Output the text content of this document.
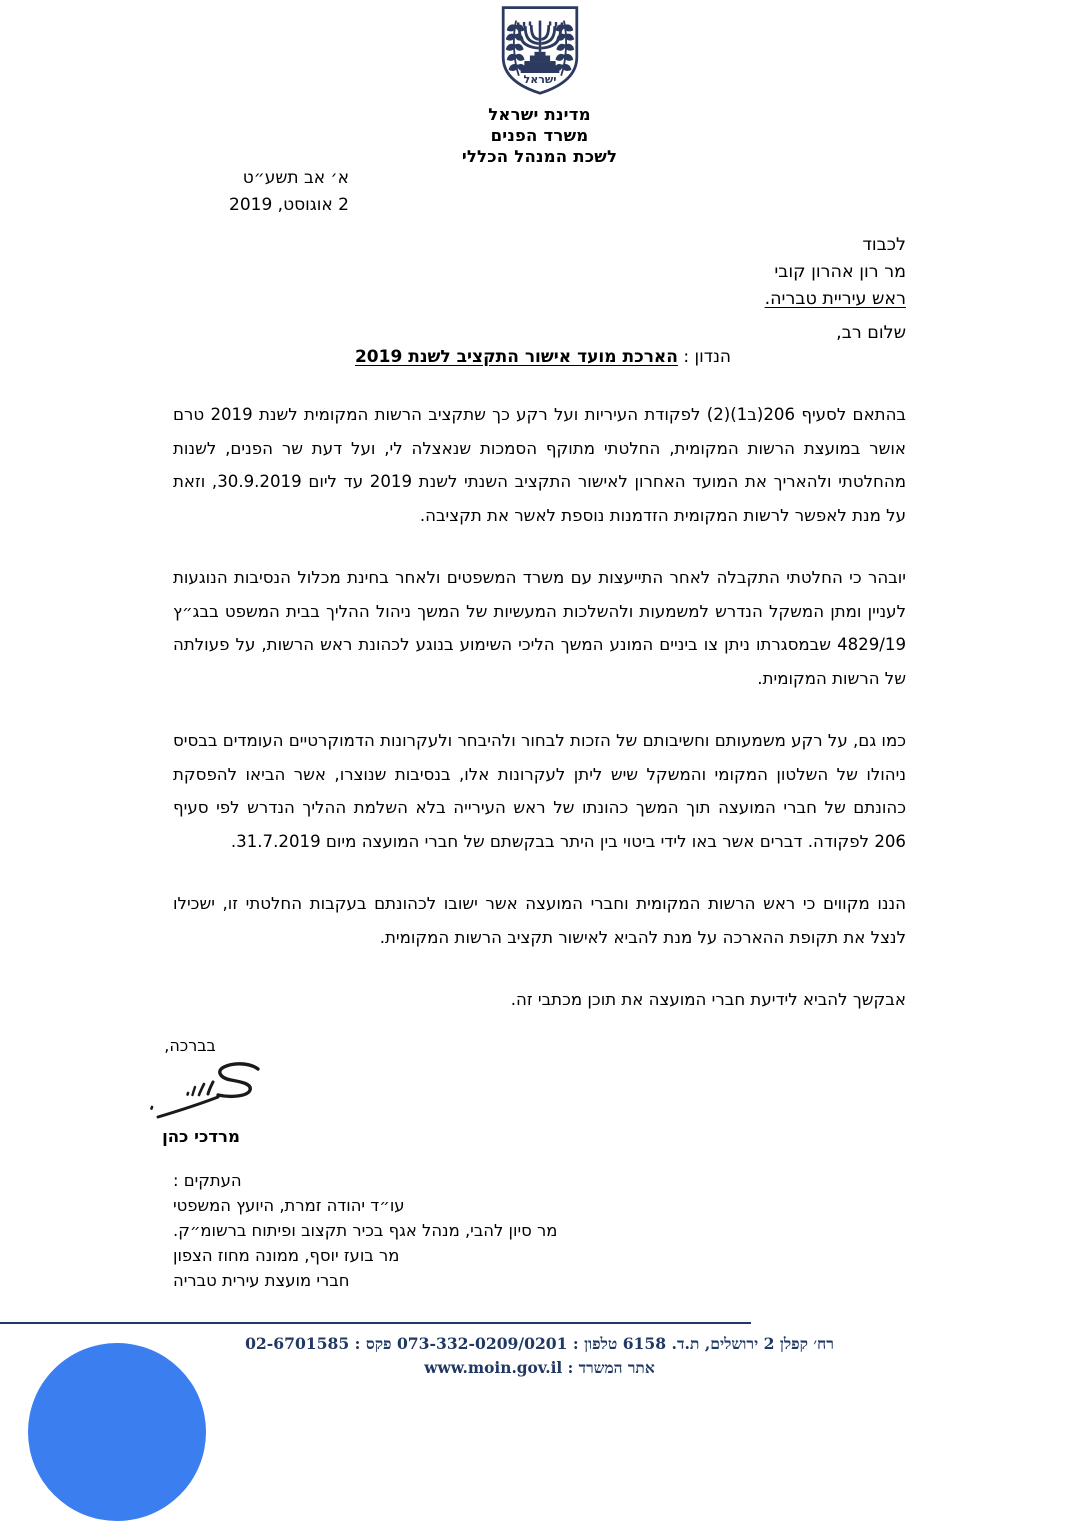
ישראל
מדינת ישראל
משרד הפנים
לשכת המנהל הכללי
א׳ אב תשע״ט
2 אוגוסט, 2019
לכבוד
מר רון אהרון קובי
ראש עיריית טבריה.
שלום רב,
הנדון : הארכת מועד אישור התקציב לשנת 2019

בהתאם לסעיף 206(ב1)(2) לפקודת העיריות ועל רקע כך שתקציב הרשות המקומית לשנת 2019 טרם אושר במועצת הרשות המקומית, החלטתי מתוקף הסמכות שנאצלה לי, ועל דעת שר הפנים, לשנות מהחלטתי ולהאריך את המועד האחרון לאישור התקציב השנתי לשנת 2019 עד ליום 30.9.2019, וזאת על מנת לאפשר לרשות המקומית הזדמנות נוספת לאשר את תקציבה.

יובהר כי החלטתי התקבלה לאחר התייעצות עם משרד המשפטים ולאחר בחינת מכלול הנסיבות הנוגעות לעניין ומתן המשקל הנדרש למשמעות ולהשלכות המעשיות של המשך ניהול ההליך בבית המשפט בבג״ץ 4829/19 שבמסגרתו ניתן צו ביניים המונע המשך הליכי השימוע בנוגע לכהונת ראש הרשות, על פעולתה של הרשות המקומית.

כמו גם, על רקע משמעותם וחשיבותם של הזכות לבחור ולהיבחר ולעקרונות הדמוקרטיים העומדים בבסיס ניהולו של השלטון המקומי והמשקל שיש ליתן לעקרונות אלו, בנסיבות שנוצרו, אשר הביאו להפסקת כהונתם של חברי המועצה תוך המשך כהונתו של ראש העירייה בלא השלמת ההליך הנדרש לפי סעיף 206 לפקודה. דברים אשר באו לידי ביטוי בין היתר בבקשתם של חברי המועצה מיום 31.7.2019.

הננו מקווים כי ראש הרשות המקומית וחברי המועצה אשר ישובו לכהונתם בעקבות החלטתי זו, ישכילו לנצל את תקופת ההארכה על מנת להביא לאישור תקציב הרשות המקומית.

אבקשך להביא לידיעת חברי המועצה את תוכן מכתבי זה.

בברכה,
מרדכי כהן
העתקים :
עו״ד יהודה זמרת, היועץ המשפטי
מר סיון להבי, מנהל אגף בכיר תקצוב ופיתוח ברשומ״ק.
מר בועז יוסף, ממונה מחוז הצפון
חברי מועצת עירית טבריה
רח׳ קפלן 2 ירושלים, ת.ד. 6158 טלפון : 073-332-0209/0201 פקס : 02-6701585
אתר המשרד : www.moin.gov.il
